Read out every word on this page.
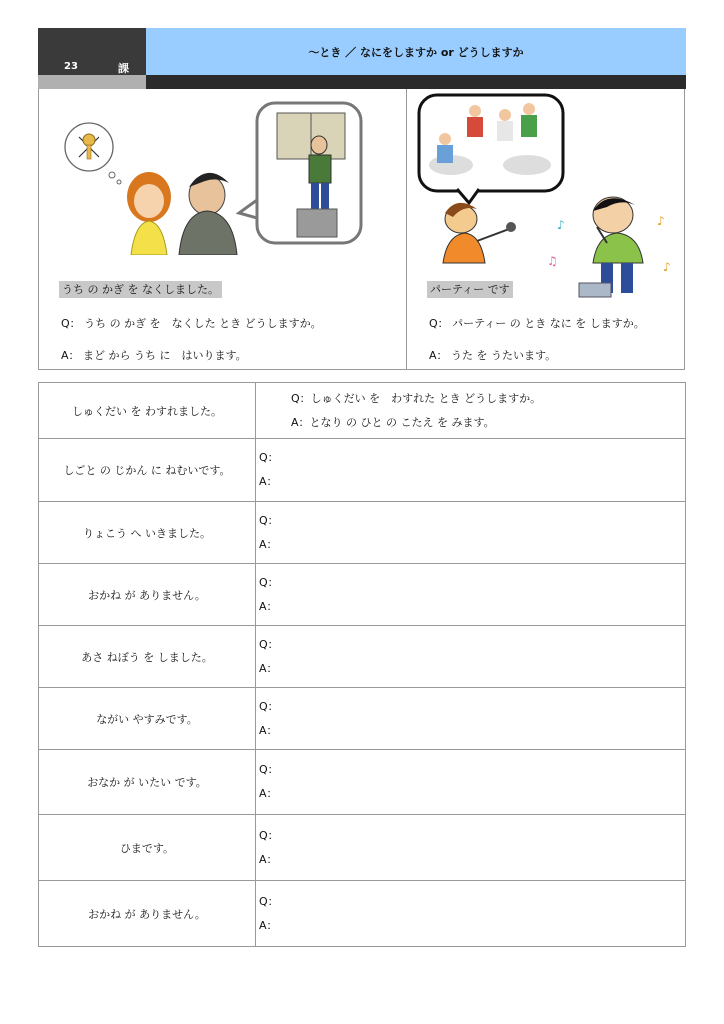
23	課
～とき ／ なにをしますか or どうしますか
うち の かぎ を なくしました。
Q： うち の かぎ を　なくした とき どうしますか。
A： まど から うち に　はいります。
♪
♫
♪
♪
パーティー です
Q： パーティー の とき なに を しますか。
A： うた を うたいます。
しゅくだい を わすれました。	Q：しゅくだい を　わすれた とき どうしますか。
A：となり の ひと の こたえ を みます。

しごと の じかん に ねむいです。	Q：
A：

りょこう へ いきました。	Q：
A：

おかね が ありません。	Q：
A：

あさ ねぼう を しました。	Q：
A：

ながい やすみです。	Q：
A：

おなか が いたい です。	Q：
A：

ひまです。	Q：
A：

おかね が ありません。	Q：
A：
